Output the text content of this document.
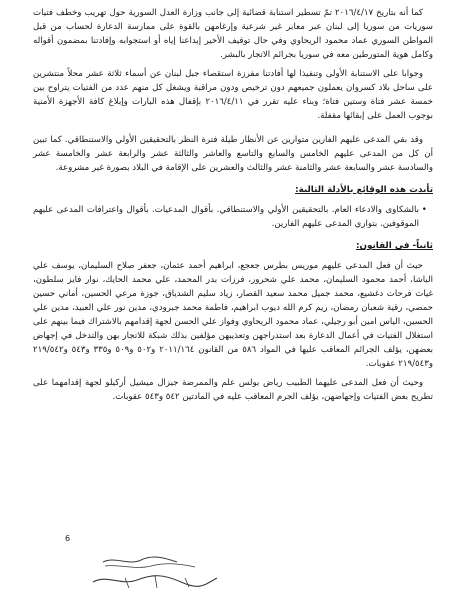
كما أنه بتاريخ ٢٠١٦/٤/١٧ تمّ تسطير استنابة قضائية إلى جانب وزارة العدل السورية حول تهريب وخطف فتيات سوريات من سوريا إلى لبنان عبر معابر غير شرعية وإرغامهن بالقوة على ممارسة الدعارة لحساب من قبل المواطن السوري عماد محمود الريحاوي وفي حال توقيف الأخير إيداعنا إياه أو استجوابه وإفادتنا بمضمون أقواله وكامل هوية المتورطين معه في سوريا بجرائم الاتجار بالبشر.

وجوابا على الاستنابة الأولى وتنفيذا لها أفادتنا مفرزة استقصاء جبل لبنان عن أسماء ثلاثة عشر محلاً منتشرين على ساحل بلاد كسروان يعملون جميعهم دون ترخيص ودون مراقبة ويشغل كل منهم عدد من الفتيات يتراوح بين خمسة عشر فتاة وستين فتاة؛ وبناء عليه تقرر في ٢٠١٦/٤/١١ بإقفال هذه البارات وإبلاغ كافة الأجهزة الأمنية بوجوب العمل على إبقائها مقفلة.

وقد بقي المدعى عليهم الفارين متوارين عن الأنظار طيلة فترة النظر بالتحقيقين الأولي والاستنطاقي. كما تبين أن كل من المدعى عليهم الخامس والسابع والتاسع والعاشر والثالثة عشر والرابعة عشر والخامسة عشر والسادسة عشر والسابعة عشر والثامنة عشر والثالث والعشرين على الإقامة في البلاد بصورة غير مشروعة.

تأيدت هذه الوقائع بالأدلة التالية:
• بالشكاوى والادعاء العام. بالتحقيقين الأولي والاستنطاقي. بأقوال المدعيات. بأقوال واعترافات المدعى عليهم الموقوفين. بتواري المدعى عليهم الفارين.
ثانياً- في القانون:

حيث أن فعل المدعى عليهم موريس بطرس جعجع، ابراهيم أحمد عثمان، جعفر صلاح السليمان، يوسف علي الباشا، أحمد محمود السليمان، محمد علي شحرور، فرزات بدر المحمد، علي محمد الحايك، نوار فايز سلطون، غياث فرحات دغشيع، محمد جميل محمد سعيد القصار، زياد سليم الشدياق، جوزة مرعي الحسين، أماني حسين حمصي، رقية شعبان رمضان، ريم كرم الله ديوب ابراهيم، فاطمة محمد جبرودي، مدين نور علي العبيد، مدين علي الحسين، الياس امين أبو رجيلي، عماد محمود الريحاوي وفواز علي الحسن لجهة إقدامهم بالاشتراك فيما بينهم على استغلال الفتيات في أعمال الدعارة بعد استدراجهن وتعذيبهن مؤلفين بذلك شبكة للاتجار بهن والتدخل في إجهاض بعضهن، يؤلف الجرائم المعاقب عليها في المواد ٥٨٦ من القانون ٢٠١١/١٦٤ و٥٠٢ و٥٠٩ و٣٣٥ و٥٤٣ و٢١٩/٥٤٢ و٢١٩/٥٤٣ عقوبات.

وحيث أن فعل المدعى عليهما الطبيب رياض بولس علم والممرضة جيزال ميشيل أركيلو لجهة إقدامهما على تطريح بعض الفتيات وإجهاضهن، يؤلف الجرم المعاقب عليه في المادتين ٥٤٢ و٥٤٣ عقوبات.

6
